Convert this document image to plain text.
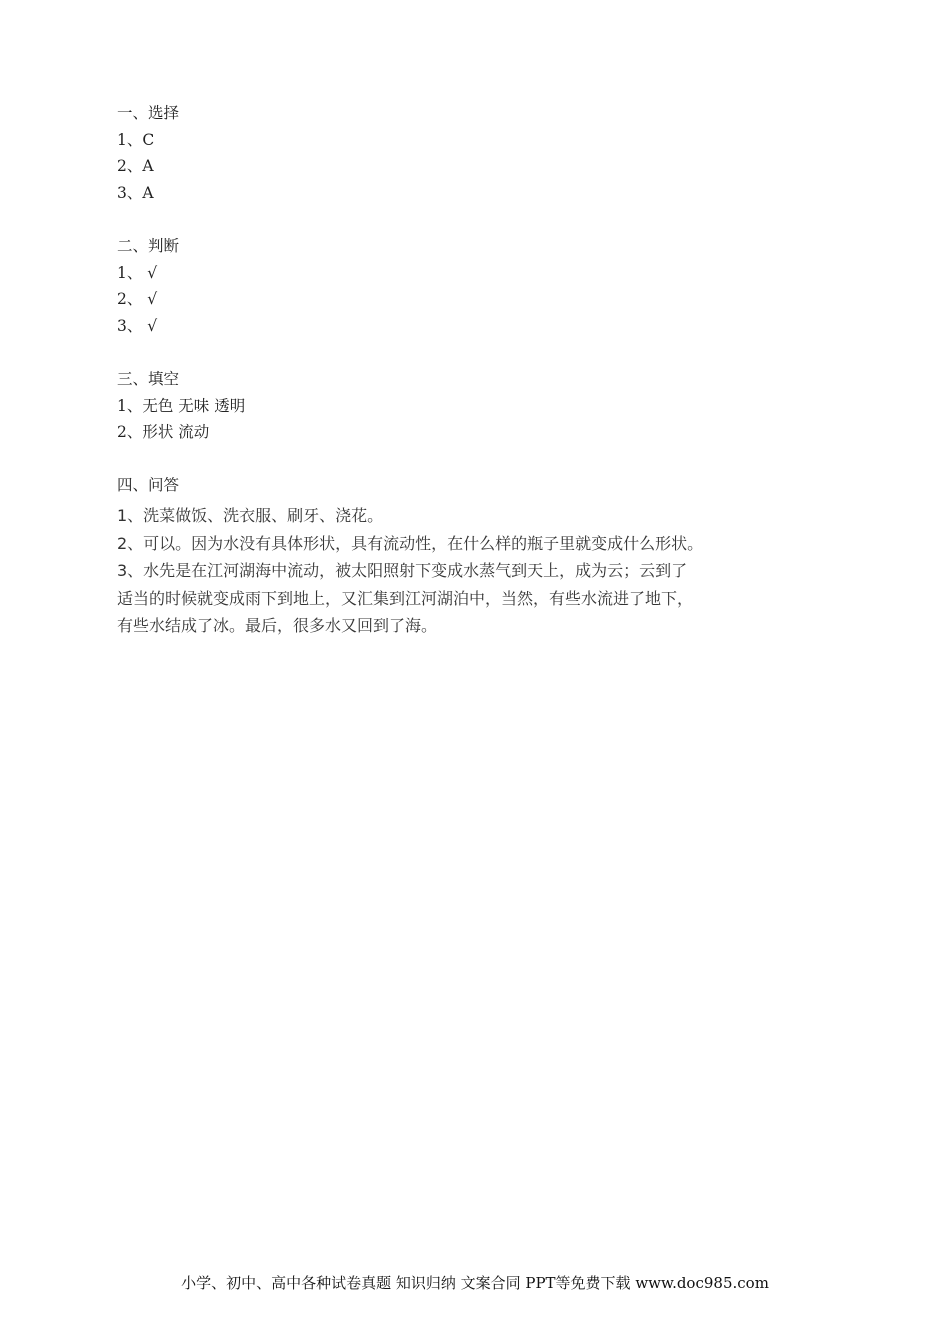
一、选择
1、C
2、A
3、A
二、判断
1、 √
2、 √
3、 √
三、填空
1、无色 无味 透明
2、形状 流动
四、问答
1、洗菜做饭、洗衣服、刷牙、浇花。
2、可以。因为水没有具体形状，具有流动性，在什么样的瓶子里就变成什么形状。
3、水先是在江河湖海中流动，被太阳照射下变成水蒸气到天上，成为云；云到了
适当的时候就变成雨下到地上，又汇集到江河湖泊中，当然，有些水流进了地下，
有些水结成了冰。最后，很多水又回到了海。
小学、初中、高中各种试卷真题 知识归纳 文案合同 PPT等免费下载 www.doc985.com
